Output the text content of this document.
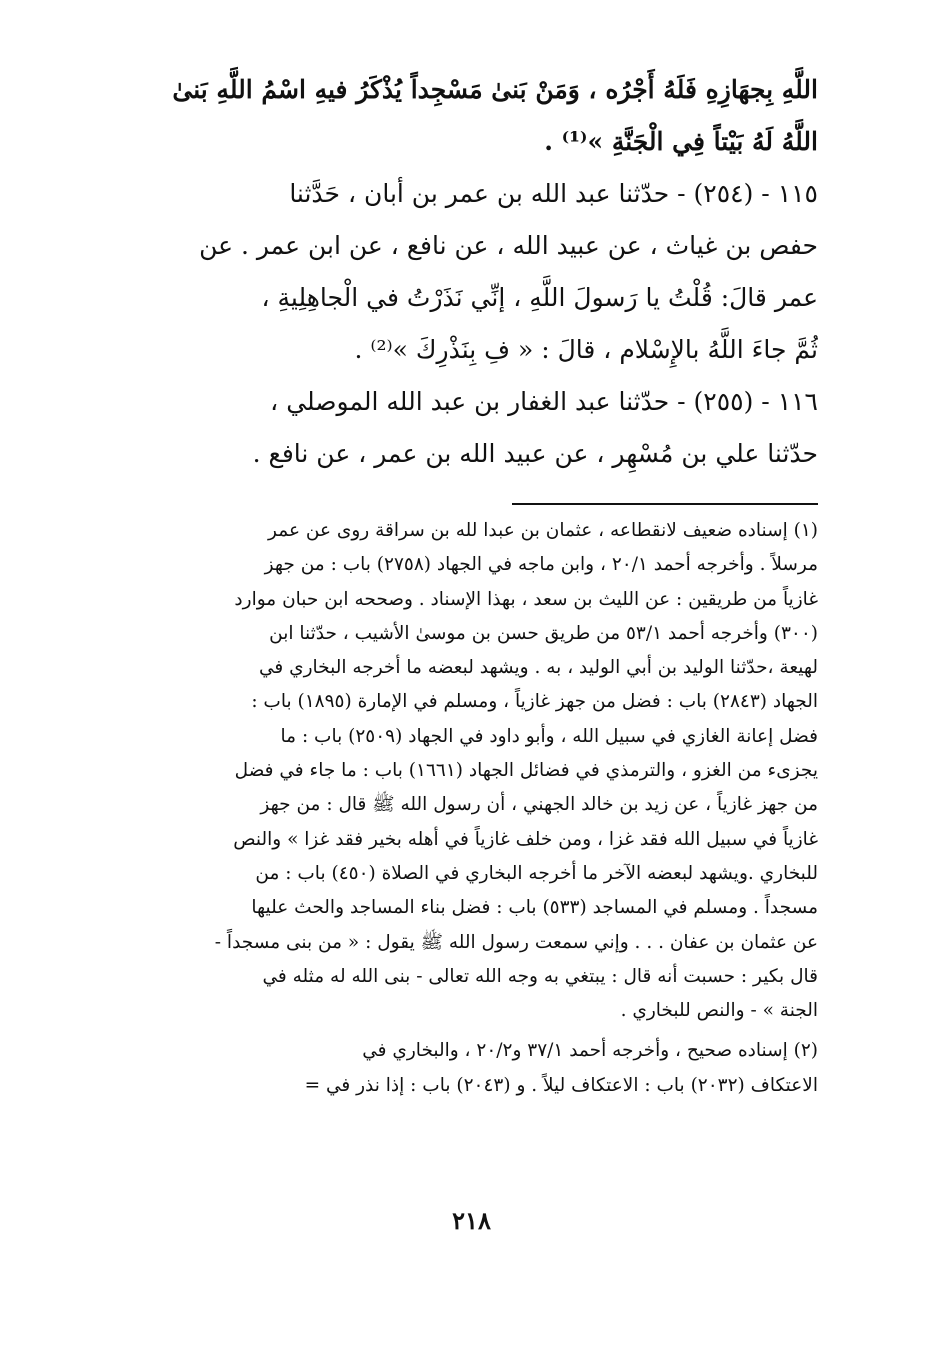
اللَّهِ بِجهَازِهِ فَلَهُ أَجْرُه ، وَمَنْ بَنىٰ مَسْجِداً يُذْكَرُ فيهِ اسْمُ اللَّهِ بَنىٰ
اللَّهُ لَهُ بَيْتاً فِي الْجَنَّةِ »⁽¹⁾ .
١١٥ - (٢٥٤) - حدّثنا عبد الله بن عمر بن أبان ، حَدَّثنا
حفص بن غياث ، عن عبيد الله ، عن نافع ، عن ابن عمر . عن
عمر قالَ: قُلْتُ يا رَسولَ اللَّهِ ، إنِّي نَذَرْتُ في الْجاهِلِيةِ ،
ثُمَّ جاءَ اللَّهُ بالإِسْلام ، قالَ : « فِ بِنَذْرِكَ »⁽²⁾ .
١١٦ - (٢٥٥) - حدّثنا عبد الغفار بن عبد الله الموصلي ،
حدّثنا علي بن مُسْهِر ، عن عبيد الله بن عمر ، عن نافع .
(١) إسناده ضعيف لانقطاعه ، عثمان بن عبدا لله بن سراقة روى عن عمر
مرسلاً . وأخرجه أحمد ٢٠/١ ، وابن ماجه في الجهاد (٢٧٥٨) باب : من جهز
غازياً من طريقين : عن الليث بن سعد ، بهذا الإسناد . وصححه ابن حبان موارد
(٣٠٠) وأخرجه أحمد ٥٣/١ من طريق حسن بن موسىٰ الأشيب ، حدّثنا ابن
لهيعة ،حدّثنا الوليد بن أبي الوليد ، به . ويشهد لبعضه ما أخرجه البخاري في
الجهاد (٢٨٤٣) باب : فضل من جهز غازياً ، ومسلم في الإمارة (١٨٩٥) باب :
فضل إعانة الغازي في سبيل الله ، وأبو داود في الجهاد (٢٥٠٩) باب : ما
يجزىء من الغزو ، والترمذي في فضائل الجهاد (١٦٦١) باب : ما جاء في فضل
من جهز غازياً ، عن زيد بن خالد الجهني ، أن رسول الله ﷺ قال : من جهز
غازياً في سبيل الله فقد غزا ، ومن خلف غازياً في أهله بخير فقد غزا » والنص
للبخاري .ويشهد لبعضه الآخر ما أخرجه البخاري في الصلاة (٤٥٠) باب : من
مسجداً . ومسلم في المساجد (٥٣٣) باب : فضل بناء المساجد والحث عليها
عن عثمان بن عفان . . . وإني سمعت رسول الله ﷺ يقول : « من بنى مسجداً -
قال بكير : حسبت أنه قال : يبتغي به وجه الله تعالى - بنى الله له مثله في
الجنة » - والنص للبخاري .
(٢) إسناده صحيح ، وأخرجه أحمد ٣٧/١ و٢٠/٢ ، والبخاري في
الاعتكاف (٢٠٣٢) باب : الاعتكاف ليلاً . و (٢٠٤٣) باب : إذا نذر في =
٢١٨
